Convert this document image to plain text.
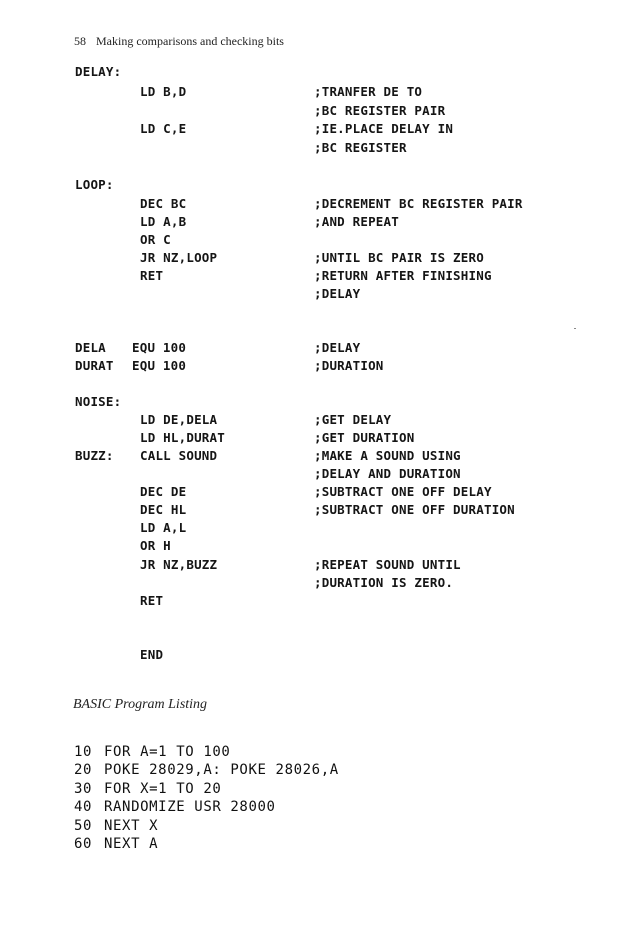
58 Making comparisons and checking bits
DELAY:
LD B,D	;TRANFER DE TO
;BC REGISTER PAIR
LD C,E	;IE.PLACE DELAY IN
;BC REGISTER
LOOP:
DEC BC	;DECREMENT BC REGISTER PAIR
LD A,B	;AND REPEAT
OR C
JR NZ,LOOP	;UNTIL BC PAIR IS ZERO
RET	;RETURN AFTER FINISHING
;DELAY
DELA EQU 100	;DELAY
DURAT EQU 100	;DURATION
NOISE:
LD DE,DELA	;GET DELAY
LD HL,DURAT	;GET DURATION
BUZZ: CALL SOUND	;MAKE A SOUND USING
;DELAY AND DURATION
DEC DE	;SUBTRACT ONE OFF DELAY
DEC HL	;SUBTRACT ONE OFF DURATION
LD A,L
OR H
JR NZ,BUZZ	;REPEAT SOUND UNTIL
;DURATION IS ZERO.
RET
END
BASIC Program Listing
10 FOR A=1 TO 100
20 POKE 28029,A: POKE 28026,A
30 FOR X=1 TO 20
40 RANDOMIZE USR 28000
50 NEXT X
60 NEXT A
